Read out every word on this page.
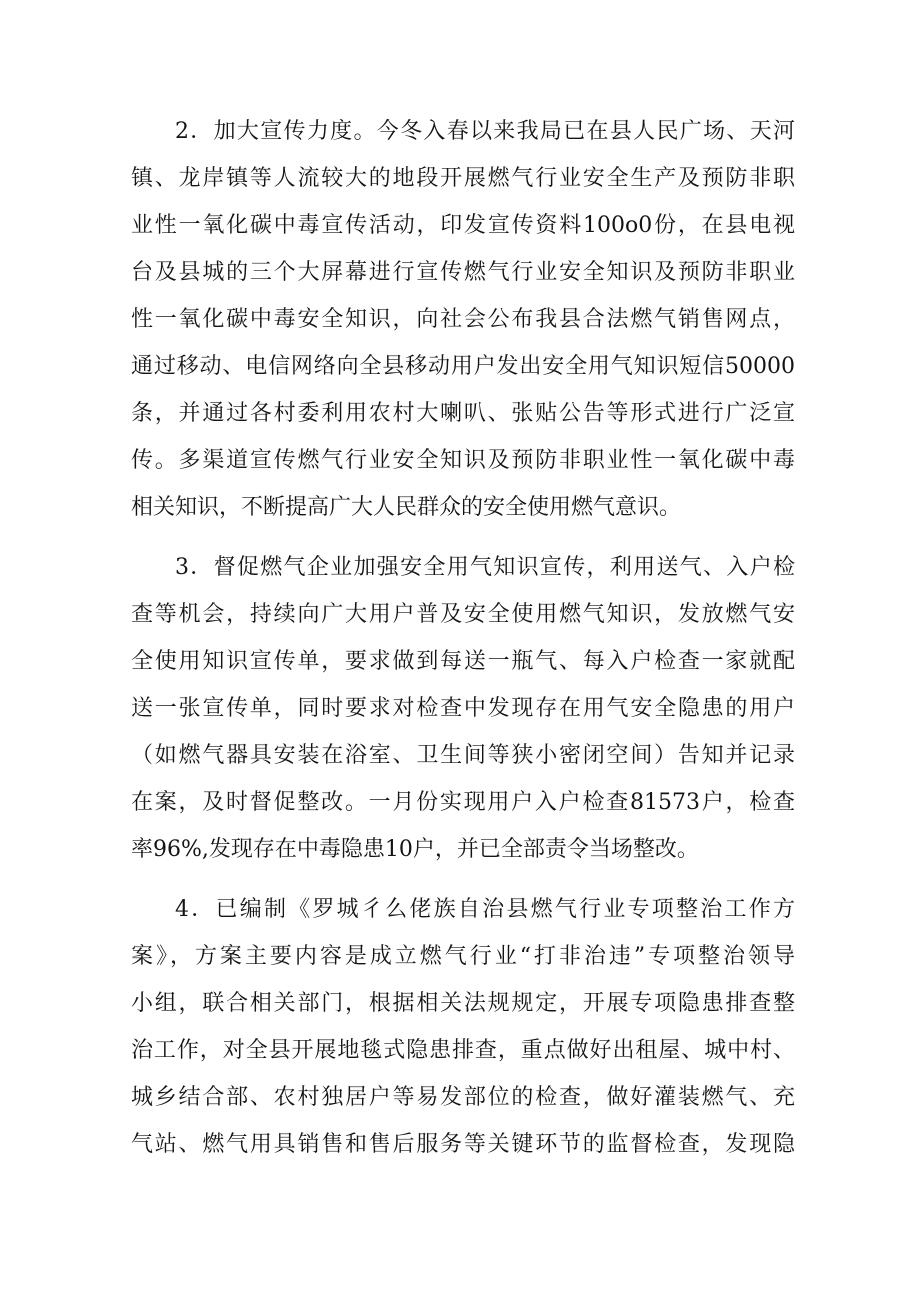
2．加大宣传力度。今冬入春以来我局已在县人民广场、天河

镇、龙岸镇等人流较大的地段开展燃气行业安全生产及预防非职

业性一氧化碳中毒宣传活动，印发宣传资料100o0份，在县电视

台及县城的三个大屏幕进行宣传燃气行业安全知识及预防非职业

性一氧化碳中毒安全知识，向社会公布我县合法燃气销售网点，

通过移动、电信网络向全县移动用户发出安全用气知识短信50000

条，并通过各村委利用农村大喇叭、张贴公告等形式进行广泛宣

传。多渠道宣传燃气行业安全知识及预防非职业性一氧化碳中毒

相关知识，不断提高广大人民群众的安全使用燃气意识。

3．督促燃气企业加强安全用气知识宣传，利用送气、入户检

查等机会，持续向广大用户普及安全使用燃气知识，发放燃气安

全使用知识宣传单，要求做到每送一瓶气、每入户检查一家就配

送一张宣传单，同时要求对检查中发现存在用气安全隐患的用户

（如燃气器具安装在浴室、卫生间等狭小密闭空间）告知并记录

在案，及时督促整改。一月份实现用户入户检查81573户，检查

率96%,发现存在中毒隐患10户，并已全部责令当场整改。

4．已编制《罗城彳么佬族自治县燃气行业专项整治工作方

案》，方案主要内容是成立燃气行业“打非治违”专项整治领导

小组，联合相关部门，根据相关法规规定，开展专项隐患排查整

治工作，对全县开展地毯式隐患排查，重点做好出租屋、城中村、

城乡结合部、农村独居户等易发部位的检查，做好灌装燃气、充

气站、燃气用具销售和售后服务等关键环节的监督检查，发现隐
